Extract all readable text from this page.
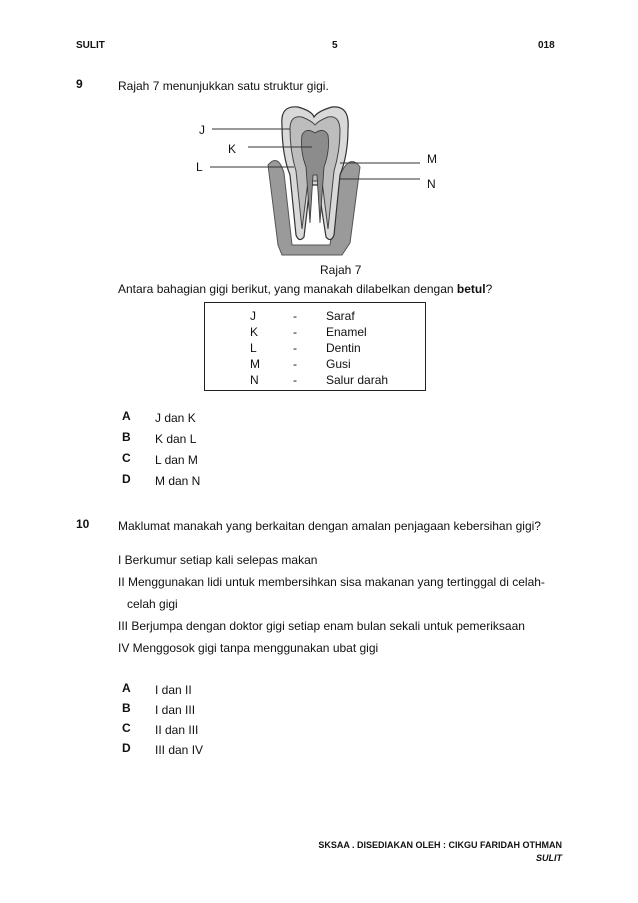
SULIT	5	018
9	Rajah 7 menunjukkan satu struktur gigi.
J
K
L
M
N
Rajah 7
Antara bahagian gigi berikut, yang manakah dilabelkan dengan betul?
J	- Saraf
K	- Enamel
L	- Dentin
M	- Gusi
N	- Salur darah
A J dan K
B K dan L
C L dan M
D M dan N
10 Maklumat manakah yang berkaitan dengan amalan penjagaan kebersihan gigi?
I Berkumur setiap kali selepas makan
II Menggunakan lidi untuk membersihkan sisa makanan yang tertinggal di celah-
celah gigi
III Berjumpa dengan doktor gigi setiap enam bulan sekali untuk pemeriksaan
IV Menggosok gigi tanpa menggunakan ubat gigi
A I dan II
B I dan III
C II dan III
D III dan IV
SKSAA . DISEDIAKAN OLEH : CIKGU FARIDAH OTHMAN
SULIT
